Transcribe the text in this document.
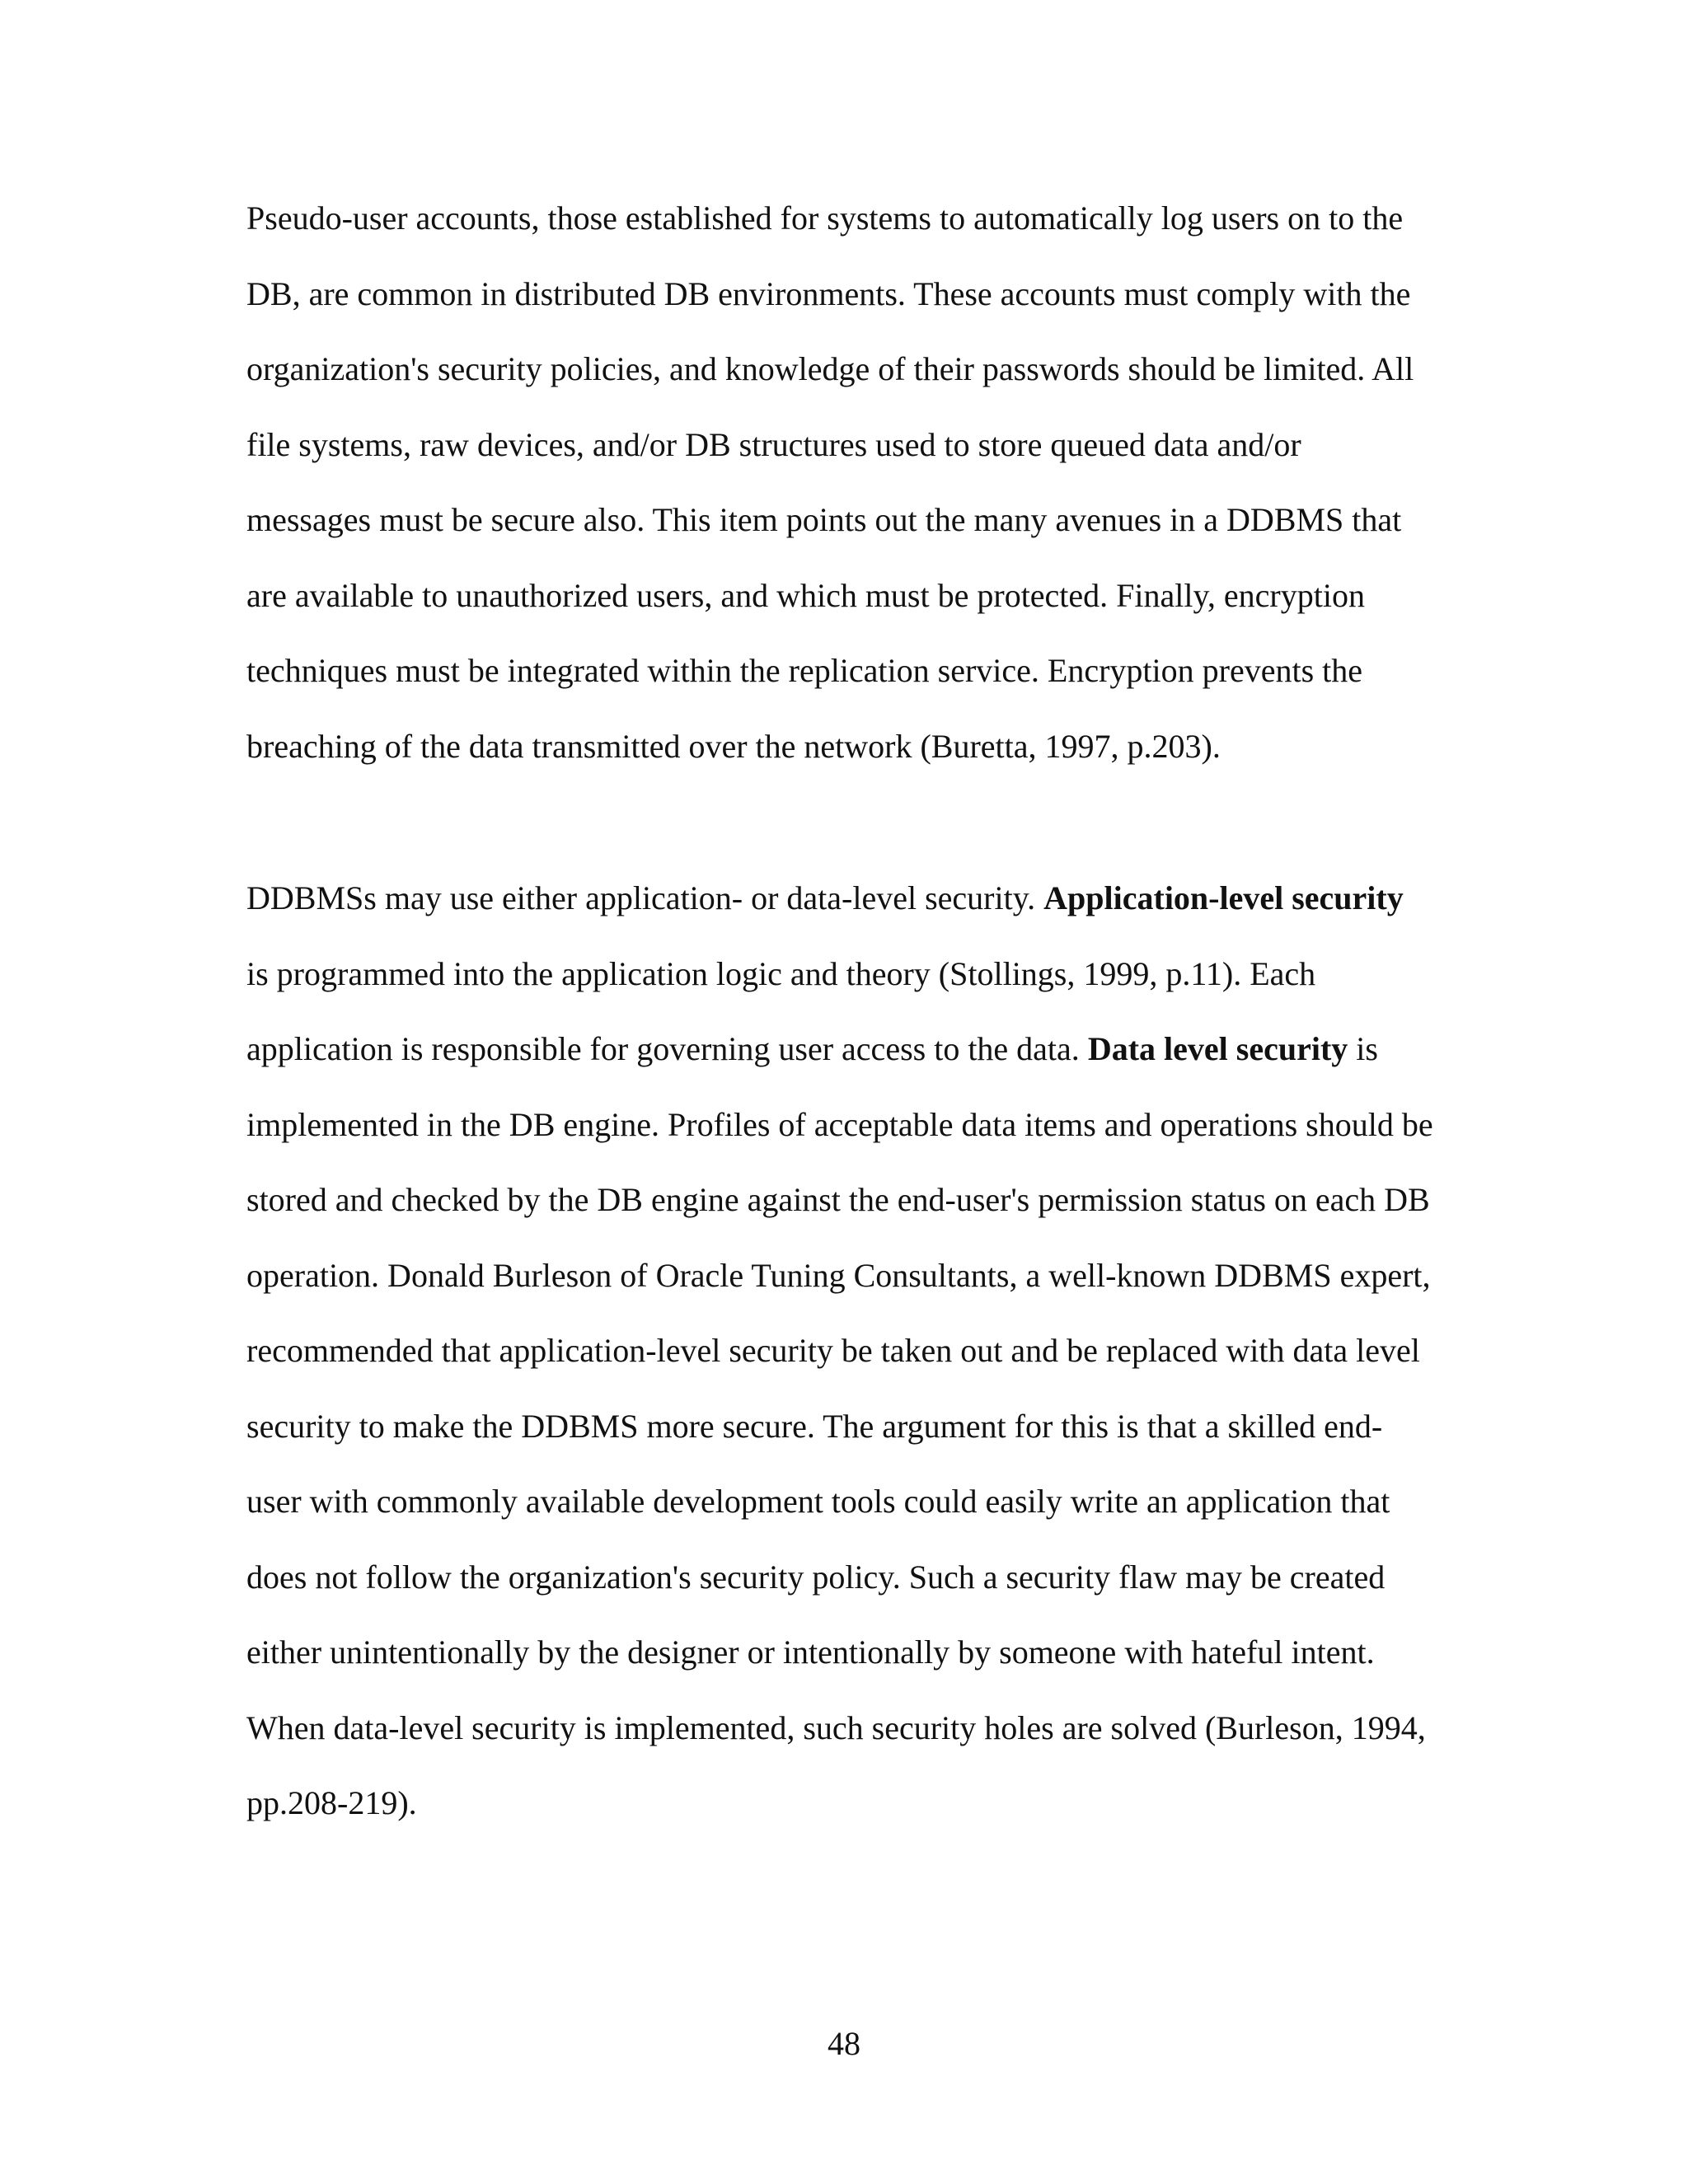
Pseudo-user accounts, those established for systems to automatically log users on to the
DB, are common in distributed DB environments. These accounts must comply with the
organization's security policies, and knowledge of their passwords should be limited. All
file systems, raw devices, and/or DB structures used to store queued data and/or
messages must be secure also. This item points out the many avenues in a DDBMS that
are available to unauthorized users, and which must be protected. Finally, encryption
techniques must be integrated within the replication service. Encryption prevents the
breaching of the data transmitted over the network (Buretta, 1997, p.203).
DDBMSs may use either application- or data-level security. Application-level security
is programmed into the application logic and theory (Stollings, 1999, p.11). Each
application is responsible for governing user access to the data. Data level security is
implemented in the DB engine. Profiles of acceptable data items and operations should be
stored and checked by the DB engine against the end-user's permission status on each DB
operation. Donald Burleson of Oracle Tuning Consultants, a well-known DDBMS expert,
recommended that application-level security be taken out and be replaced with data level
security to make the DDBMS more secure. The argument for this is that a skilled end-
user with commonly available development tools could easily write an application that
does not follow the organization's security policy. Such a security flaw may be created
either unintentionally by the designer or intentionally by someone with hateful intent.
When data-level security is implemented, such security holes are solved (Burleson, 1994,
pp.208-219).
48
